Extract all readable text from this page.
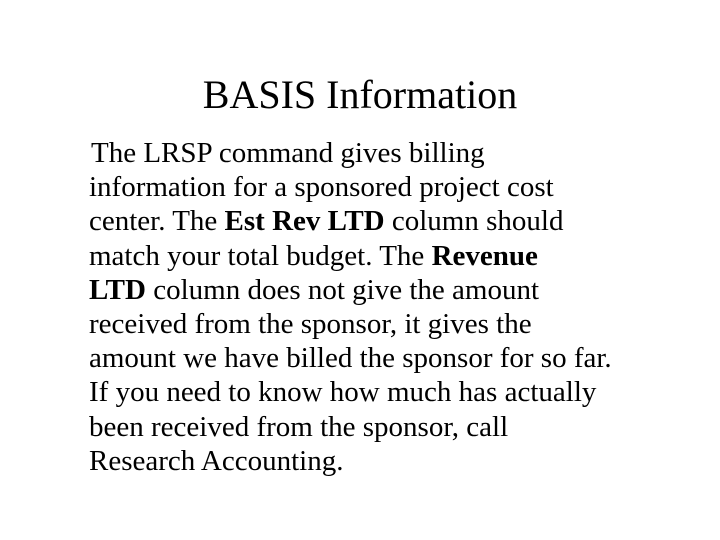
BASIS Information

The LRSP command gives billing
information for a sponsored project cost
center. The Est Rev LTD column should
match your total budget. The Revenue
LTD column does not give the amount
received from the sponsor, it gives the
amount we have billed the sponsor for so far.
If you need to know how much has actually
been received from the sponsor, call
Research Accounting.
